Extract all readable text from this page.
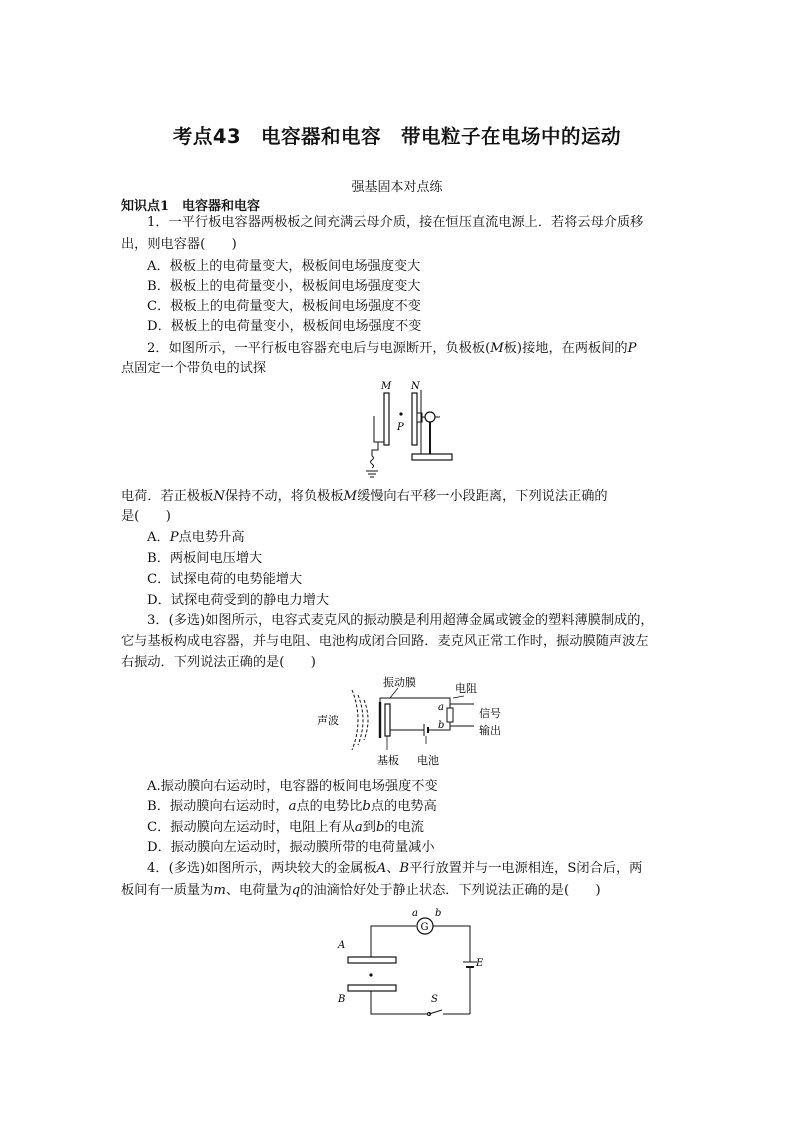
考点43　电容器和电容　带电粒子在电场中的运动
强基固本对点练
知识点1　电容器和电容
1．一平行板电容器两极板之间充满云母介质，接在恒压直流电源上．若将云母介质移
出，则电容器(　　)
A．极板上的电荷量变大，极板间电场强度变大
B．极板上的电荷量变小，极板间电场强度变大
C．极板上的电荷量变大，极板间电场强度不变
D．极板上的电荷量变小，极板间电场强度不变
2．如图所示，一平行板电容器充电后与电源断开，负极板(M板)接地，在两板间的P
点固定一个带负电的试探
M N
P
电荷．若正极板N保持不动，将负极板M缓慢向右平移一小段距离，下列说法正确的
是(　　)
A．P点电势升高
B．两板间电压增大
C．试探电荷的电势能增大
D．试探电荷受到的静电力增大
3．(多选)如图所示，电容式麦克风的振动膜是利用超薄金属或镀金的塑料薄膜制成的，
它与基板构成电容器，并与电阻、电池构成闭合回路．麦克风正常工作时，振动膜随声波左
右振动．下列说法正确的是(　　)
振动膜	电阻
声波
信号
输出
基板 电池
a
b
A.振动膜向右运动时，电容器的板间电场强度不变
B．振动膜向右运动时，a点的电势比b点的电势高
C．振动膜向左运动时，电阻上有从a到b的电流
D．振动膜向左运动时，振动膜所带的电荷量减小
4．(多选)如图所示，两块较大的金属板A、B平行放置并与一电源相连，S闭合后，两
板间有一质量为m、电荷量为q的油滴恰好处于静止状态．下列说法正确的是(　　)
a b
A
B
E
S
G
